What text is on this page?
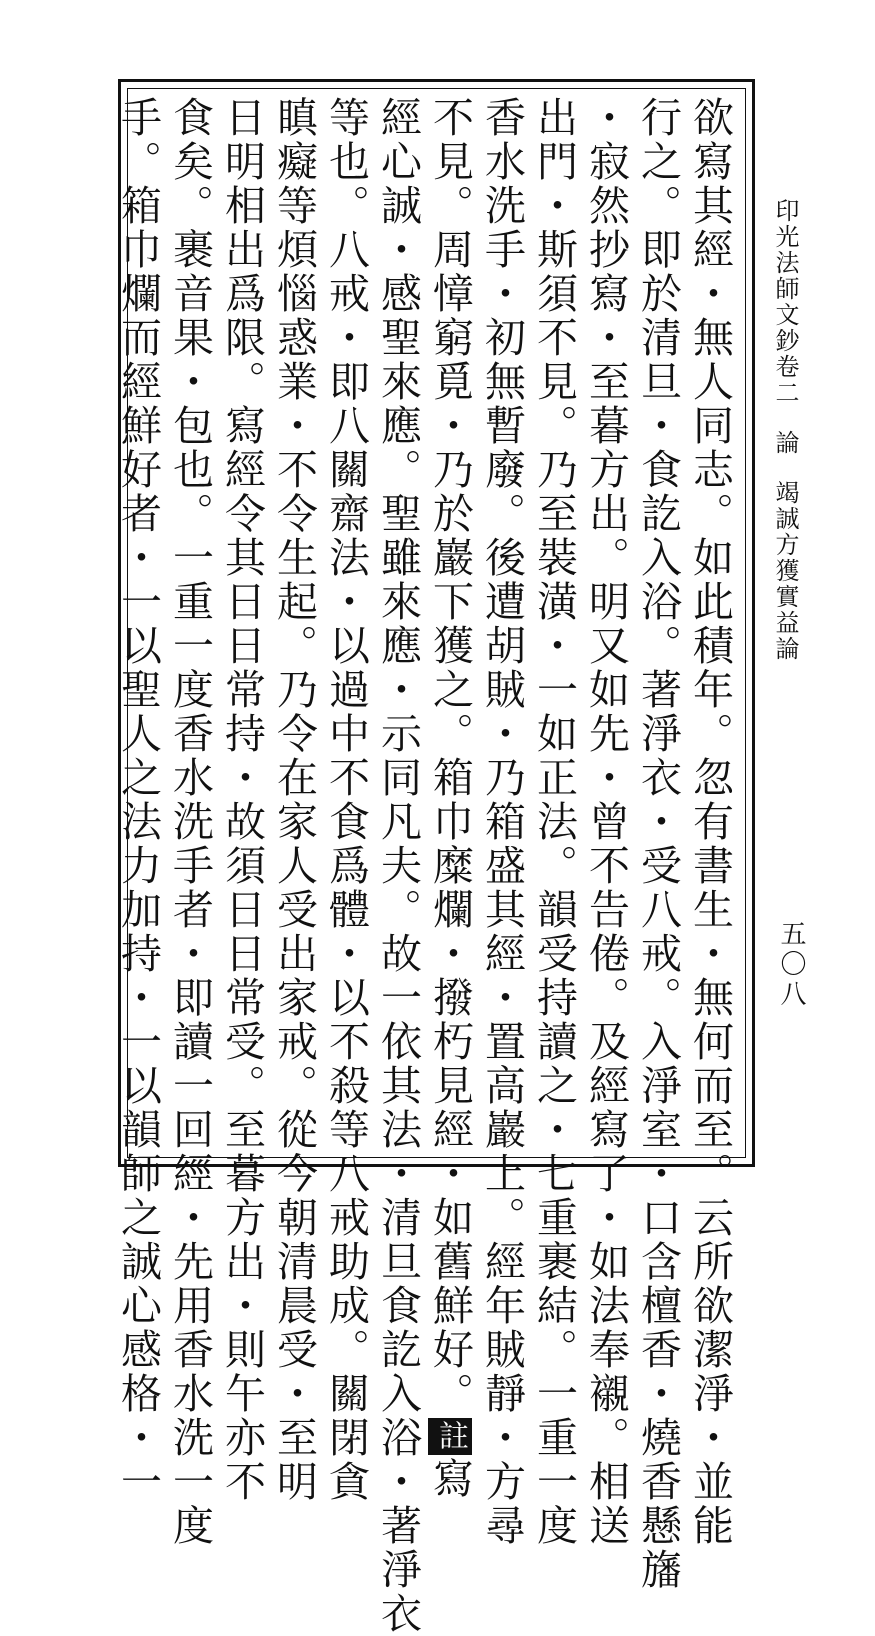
印光法師文鈔卷二論竭誠方獲實益論
欲寫其經・無人同志。如此積年。忽有書生・無何而至。云所欲潔淨・並能
行之。即於清旦・食訖入浴。著淨衣・受八戒。入淨室・口含檀香・燒香懸旛
・寂然抄寫・至暮方出。明又如先・曾不告倦。及經寫了・如法奉襯。相送
出門・斯須不見。乃至裝潢・一如正法。韻受持讀之・七重裹結。一重一度
香水洗手・初無暫廢。後遭胡賊・乃箱盛其經・置高巖上。經年賊靜・方尋
不見。周慞窮覓・乃於巖下獲之。箱巾糜爛・撥朽見經・如舊鮮好。註寫
經心誠・感聖來應。聖雖來應・示同凡夫。故一依其法・清旦食訖入浴・著淨衣
等也。八戒・即八關齋法・以過中不食爲體・以不殺等八戒助成。關閉貪
瞋癡等煩惱惑業・不令生起。乃令在家人受出家戒。從今朝清晨受・至明
日明相出爲限。寫經令其日日常持・故須日日常受。至暮方出・則午亦不
食矣。裹音果・包也。一重一度香水洗手者・即讀一回經・先用香水洗一度
手。箱巾爛而經鮮好者・一以聖人之法力加持・一以韻師之誠心感格・一	五〇八
